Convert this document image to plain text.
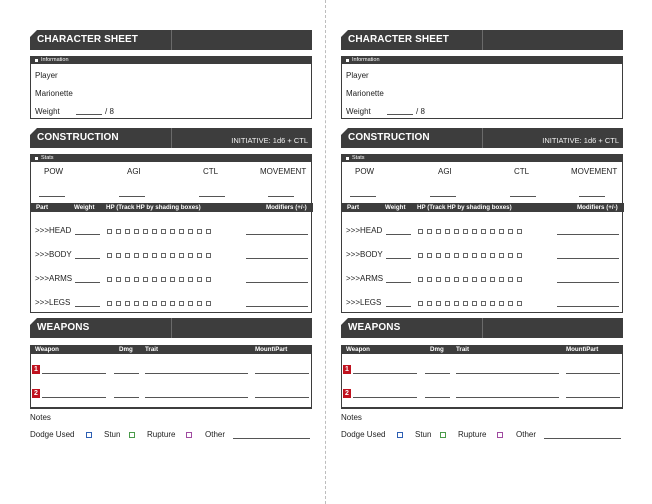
CHARACTER SHEET
Information
Player
Marionette
Weight	/ 8
CONSTRUCTION	INITIATIVE: 1d6 + CTL
Stats
POW	AGI	CTL	MOVEMENT
Part	Weight HP (Track HP by shading boxes)	Modifiers (+/-)
>>>HEAD
>>>BODY
>>>ARMS
>>>LEGS
WEAPONS
Weapon	Dmg Trait	Mount\Part
1
2
Notes
Dodge Used	Stun	Rupture	Other
CHARACTER SHEET
Information
Player
Marionette
Weight	/ 8
CONSTRUCTION	INITIATIVE: 1d6 + CTL
Stats
POW	AGI	CTL	MOVEMENT
Part	Weight HP (Track HP by shading boxes)	Modifiers (+/-)
>>>HEAD
>>>BODY
>>>ARMS
>>>LEGS
WEAPONS
Weapon	Dmg Trait	Mount\Part
1
2
Notes
Dodge Used	Stun	Rupture	Other
